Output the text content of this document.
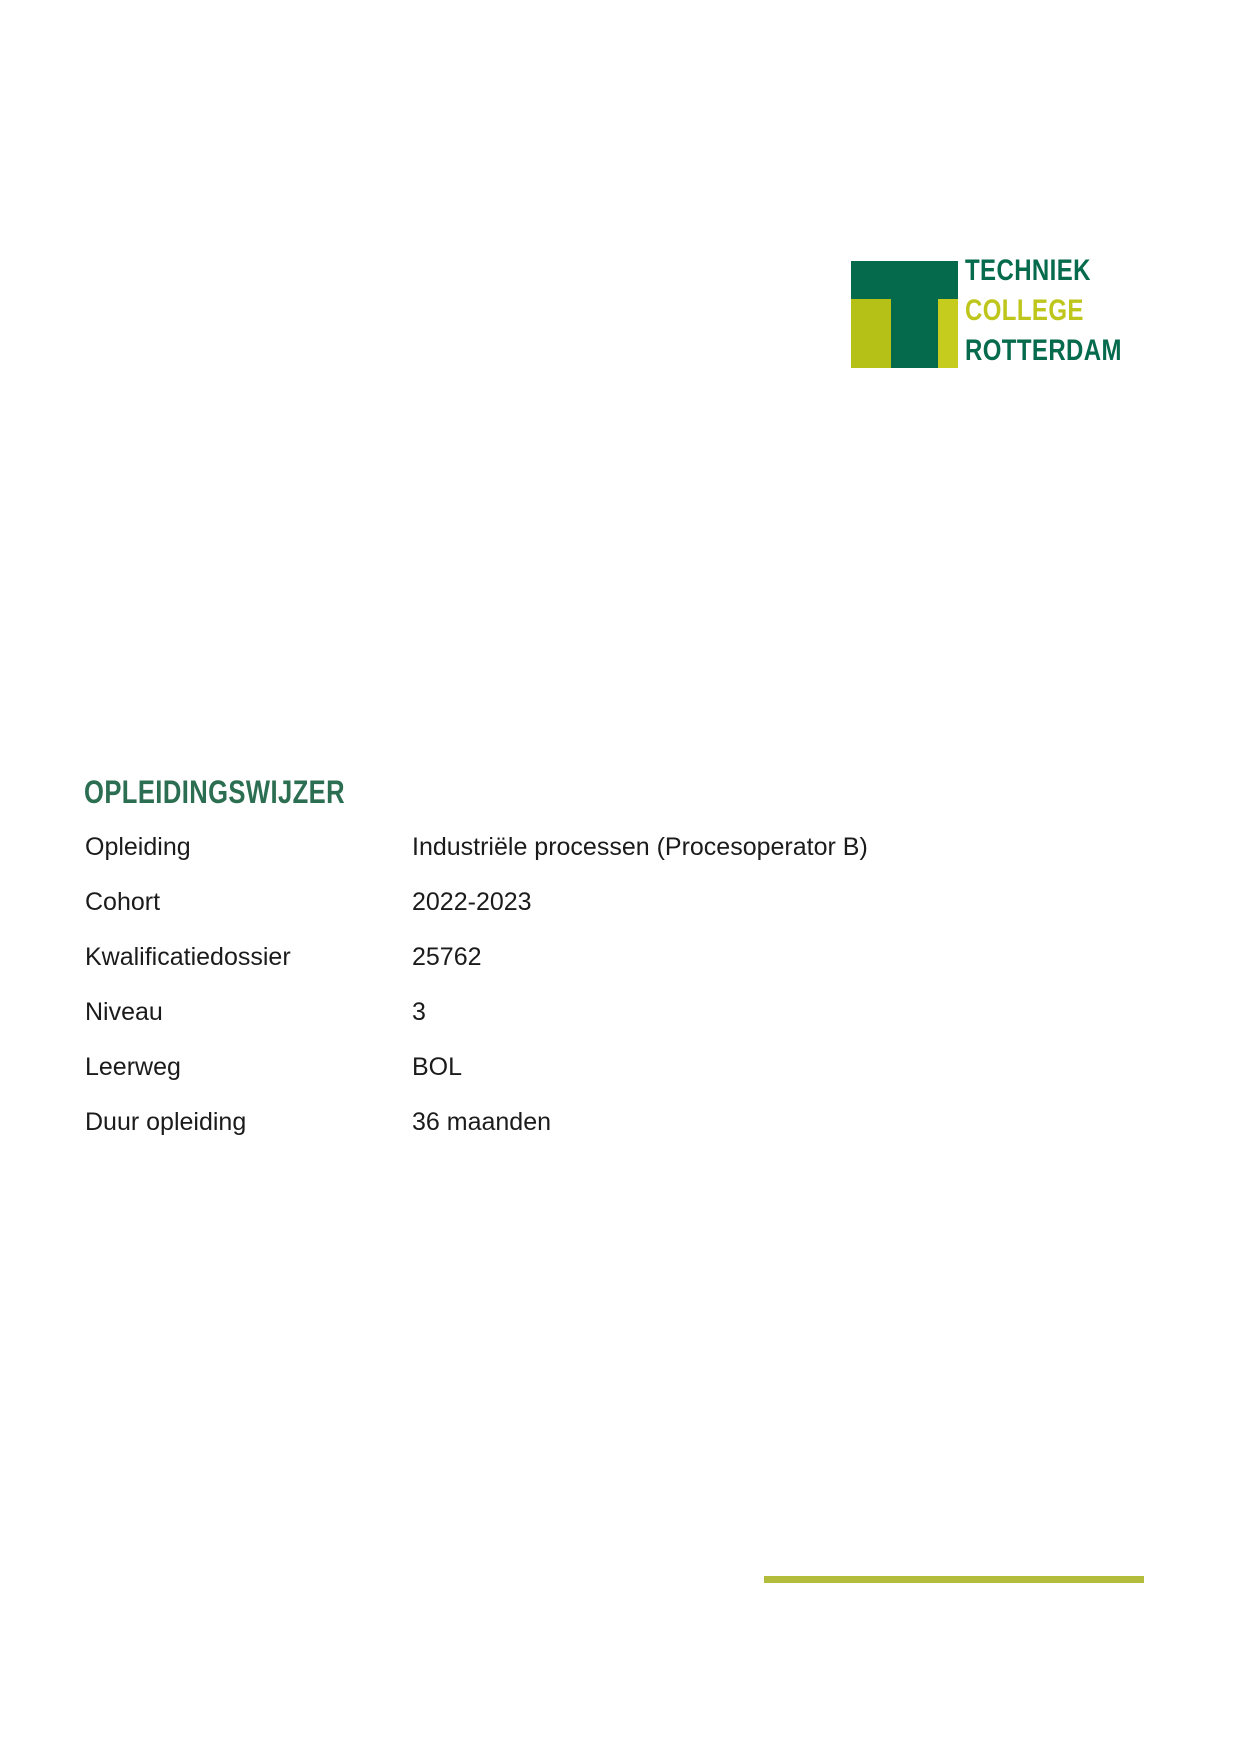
TECHNIEK
COLLEGE
ROTTERDAM
OPLEIDINGSWIJZER
Opleiding	Industriële processen (Procesoperator B)
Cohort	2022-2023
Kwalificatiedossier	25762
Niveau	3
Leerweg	BOL
Duur opleiding	36 maanden
